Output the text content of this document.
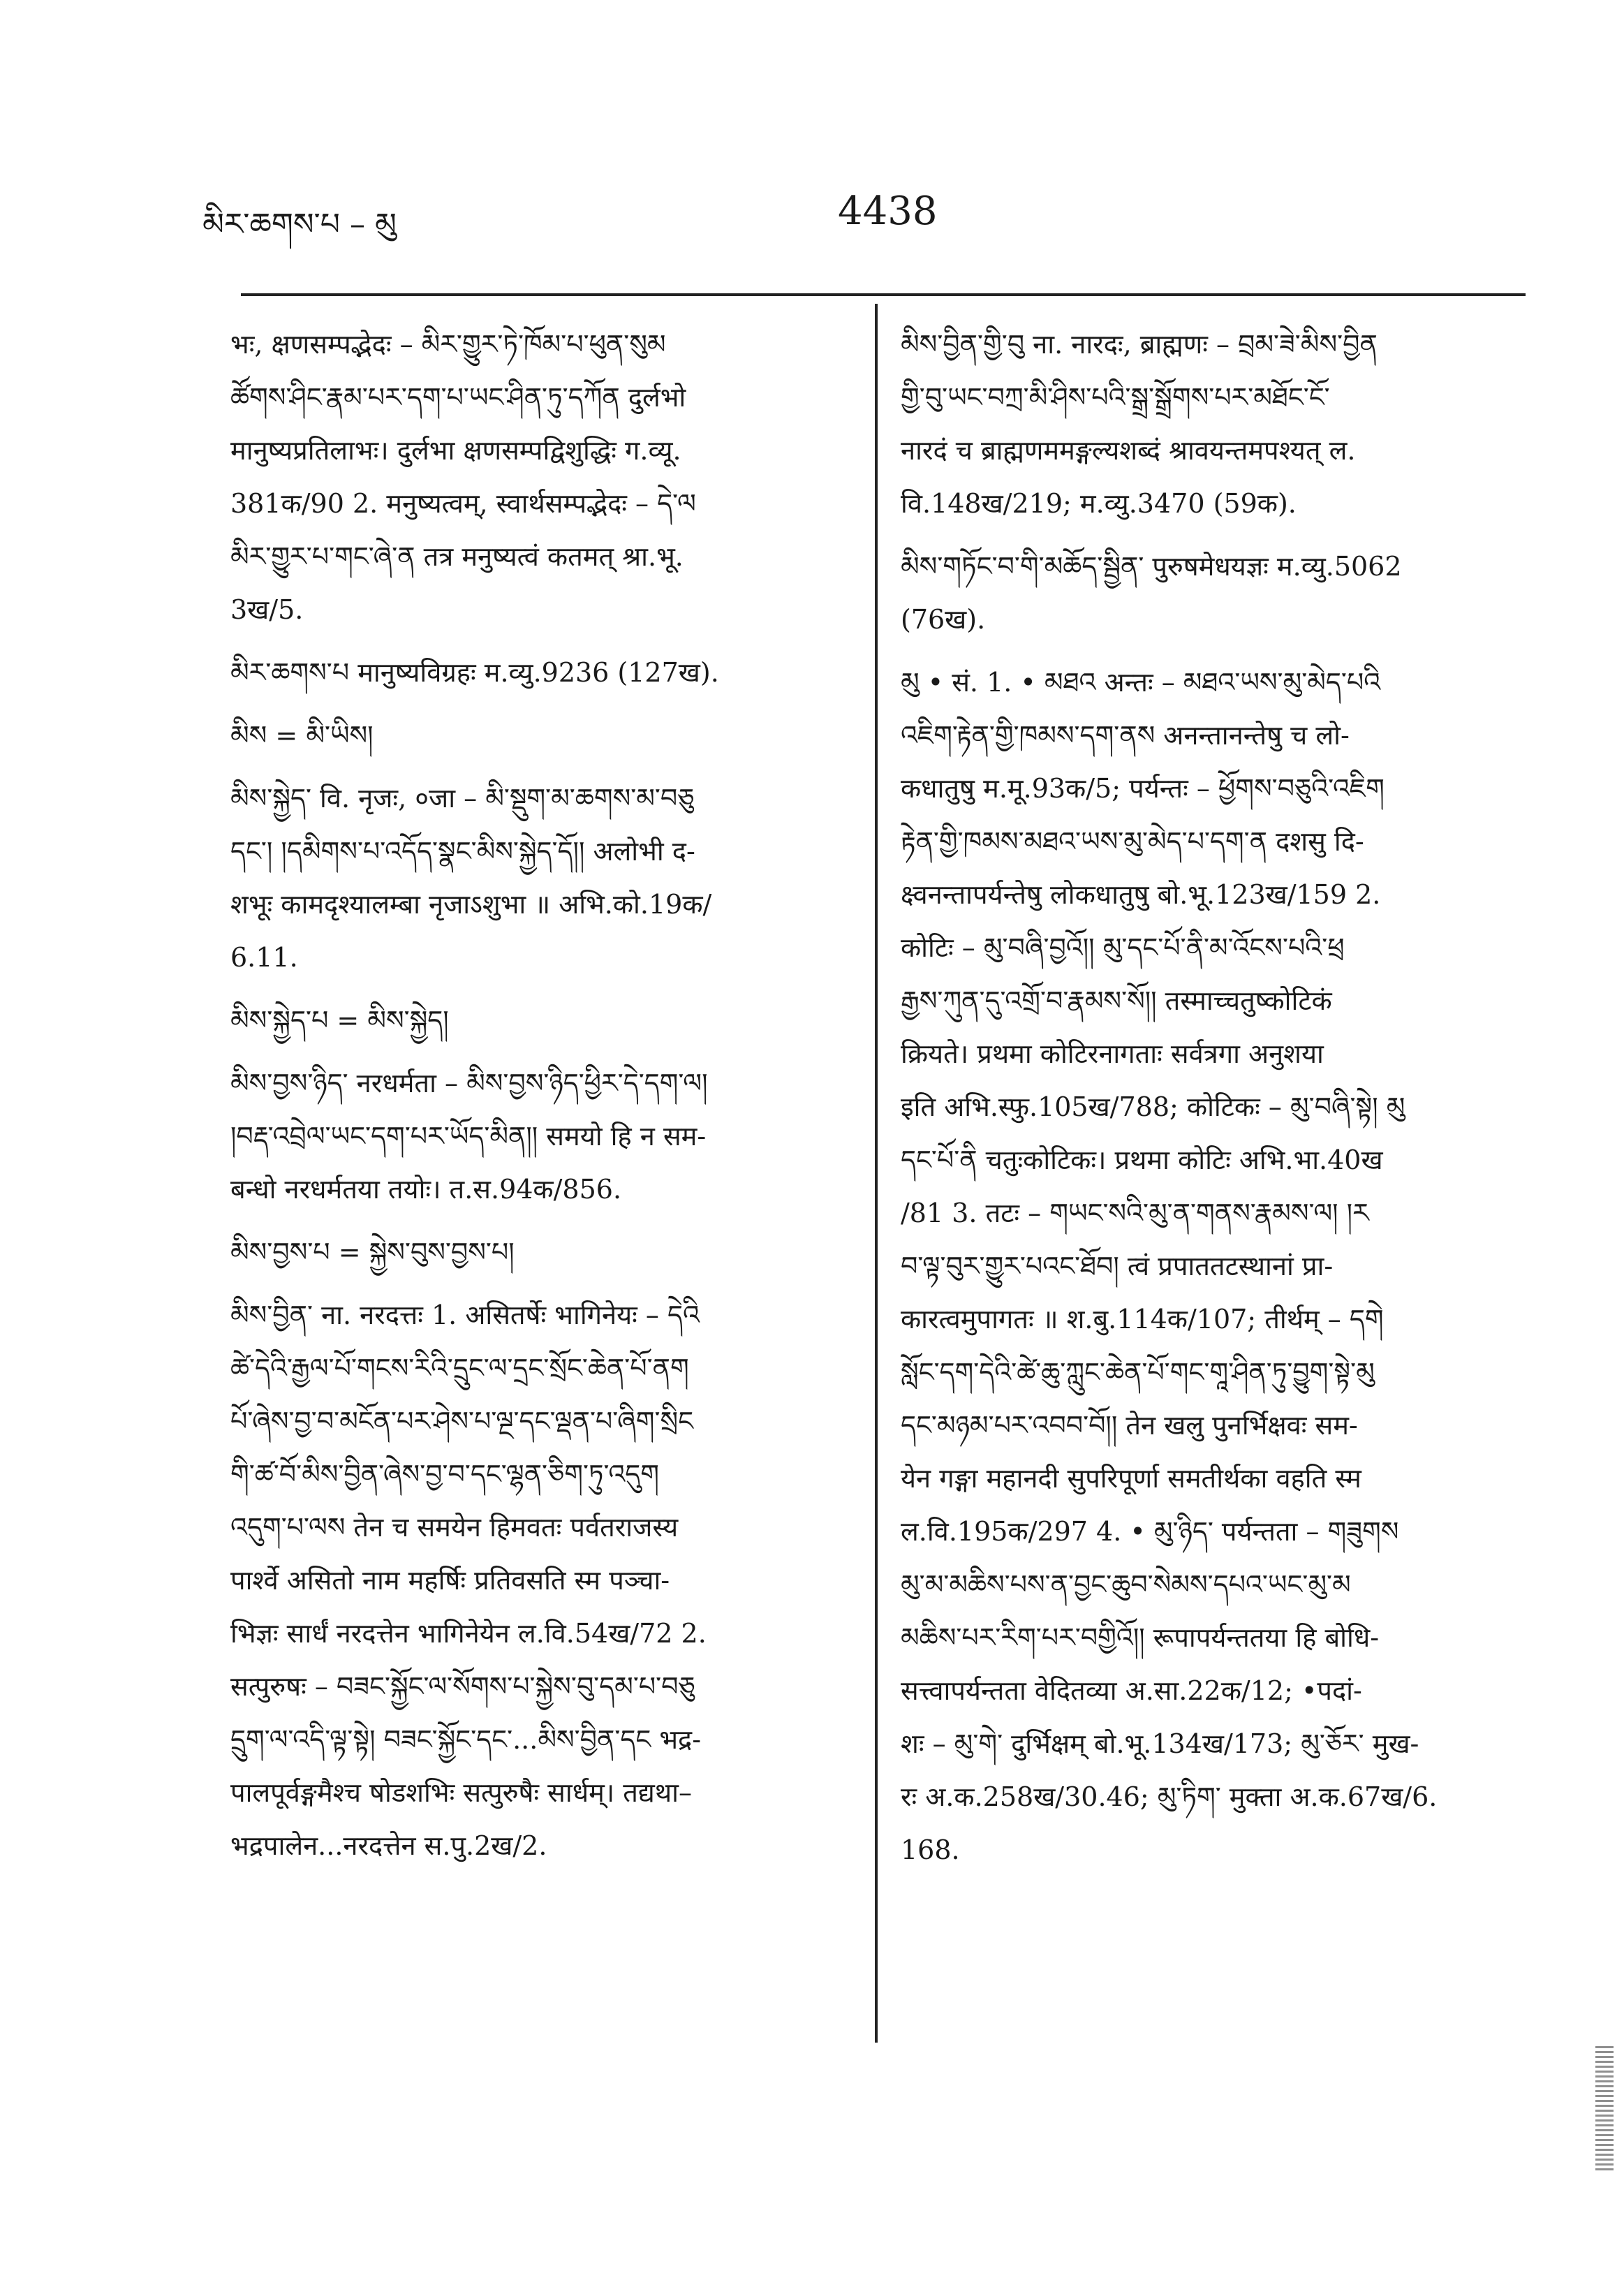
མིར་ཆགས་པ – མུ	4438
भः, क्षणसम्पद्भेदः – མིར་གྱུར་ཏེ་ཁོམ་པ་ཕུན་སུམ
ཚོགས་ཤིང་རྣམ་པར་དག་པ་ཡང་ཤིན་ཏུ་དཀོན दुर्लभो
मानुष्यप्रतिलाभः। दुर्लभा क्षणसम्पद्विशुद्धिः ग.व्यू.
381क/90 2. मनुष्यत्वम्, स्वार्थसम्पद्भेदः – དེ་ལ
མིར་གྱུར་པ་གང་ཞེ་ན तत्र मनुष्यत्वं कतमत् श्रा.भू.
3ख/5.
མིར་ཆགས་པ मानुष्यविग्रहः म.व्यु.9236 (127ख).
མིས = མི་ཡིས།
མིས་སྐྱེད་ वि. नृजः, ०जा – མི་སྡུག་མ་ཆགས་མ་བཅུ
དང་། །དམིགས་པ་འདོད་སྣང་མིས་སྐྱེད་དོ།། अलोभी द-
शभूः कामदृश्यालम्बा नृजाऽशुभा ॥ अभि.को.19क/
6.11.
མིས་སྐྱེད་པ = མིས་སྐྱེད།
མིས་བྱས་ཉིད་ नरधर्मता – མིས་བྱས་ཉིད་ཕྱིར་དེ་དག་ལ།
།བརྡ་འབྲེལ་ཡང་དག་པར་ཡོད་མིན།། समयो हि न सम-
बन्धो नरधर्मतया तयोः। त.स.94क/856.
མིས་བྱས་པ = སྐྱེས་བུས་བྱས་པ།
མིས་བྱིན་ ना. नरदत्तः 1. असितर्षेः भागिनेयः – དེའི
ཚེ་དེའི་རྒྱལ་པོ་གངས་རིའི་དྲུང་ལ་དྲང་སྲོང་ཆེན་པོ་ནག
པོ་ཞེས་བྱ་བ་མངོན་པར་ཤེས་པ་ལྔ་དང་ལྡན་པ་ཞིག་སྲིང
གི་ཚ་བོ་མིས་བྱིན་ཞེས་བྱ་བ་དང་ལྷན་ཅིག་ཏུ་འདུག
འདུག་པ་ལས तेन च समयेन हिमवतः पर्वतराजस्य
पार्श्वे असितो नाम महर्षिः प्रतिवसति स्म पञ्चा-
भिज्ञः सार्धं नरदत्तेन भागिनेयेन ल.वि.54ख/72 2.
सत्पुरुषः – བཟང་སྐྱོང་ལ་སོགས་པ་སྐྱེས་བུ་དམ་པ་བཅུ
དྲུག་ལ་འདི་ལྟ་སྟེ། བཟང་སྐྱོང་དང་...མིས་བྱིན་དང भद्र-
पालपूर्वङ्गमैश्च षोडशभिः सत्पुरुषैः सार्धम्। तद्यथा–
भद्रपालेन...नरदत्तेन स.पु.2ख/2.
མིས་བྱིན་གྱི་བུ ना. नारदः, ब्राह्मणः – བྲམ་ཟེ་མིས་བྱིན
གྱི་བུ་ཡང་བཀྲ་མི་ཤིས་པའི་སྒྲ་སྒྲོགས་པར་མཐོང་ངོ་
नारदं च ब्राह्मणममङ्गल्यशब्दं श्रावयन्तमपश्यत् ल.
वि.148ख/219; म.व्यु.3470 (59क).
མིས་གཏོང་བ་གི་མཆོད་སྦྱིན་ पुरुषमेधयज्ञः म.व्यु.5062
(76ख).
མུ • सं. 1. • མཐའ अन्तः – མཐའ་ཡས་མུ་མེད་པའི
འཇིག་རྟེན་གྱི་ཁམས་དག་ནས अनन्तानन्तेषु च लो-
कधातुषु म.मू.93क/5; पर्यन्तः – ཕྱོགས་བཅུའི་འཇིག
རྟེན་གྱི་ཁམས་མཐའ་ཡས་མུ་མེད་པ་དག་ན दशसु दि-
क्ष्वनन्तापर्यन्तेषु लोकधातुषु बो.भू.123ख/159 2.
कोटिः – མུ་བཞི་བྱའོ།། མུ་དང་པོ་ནི་མ་འོངས་པའི་ཕྲ
རྒྱས་ཀུན་དུ་འགྲོ་བ་རྣམས་སོ།། तस्माच्चतुष्कोटिकं
क्रियते। प्रथमा कोटिरनागताः सर्वत्रगा अनुशया
इति अभि.स्फु.105ख/788; कोटिकः – མུ་བཞི་སྟེ། མུ
དང་པོ་ནི चतुःकोटिकः। प्रथमा कोटिः अभि.भा.40ख
/81 3. तटः – གཡང་སའི་མུ་ན་གནས་རྣམས་ལ། །ར
བ་ལྟ་བུར་གྱུར་པའང་ཐོབ། त्वं प्रपाततटस्थानां प्रा-
कारत्वमुपागतः ॥ श.बु.114क/107; तीर्थम् – དགེ
སློང་དག་དེའི་ཚེ་ཆུ་ཀླུང་ཆེན་པོ་གང་གཱ་ཤིན་ཏུ་བྱུག་སྟེ་མུ
དང་མཉམ་པར་འབབ་བོ།། तेन खलु पुनर्भिक्षवः सम-
येन गङ्गा महानदी सुपरिपूर्णा समतीर्थका वहति स्म
ल.वि.195क/297 4. • མུ་ཉིད་ पर्यन्तता – གཟུགས
མུ་མ་མཆིས་པས་ན་བྱང་ཆུབ་སེམས་དཔའ་ཡང་མུ་མ
མཆིས་པར་རིག་པར་བགྱིའོ།། रूपापर्यन्ततया हि बोधि-
सत्त्वापर्यन्तता वेदितव्या अ.सा.22क/12; •पदां-
शः – མུ་གེ་ दुर्भिक्षम् बो.भू.134ख/173; མུ་ཅོར་ मुख-
रः अ.क.258ख/30.46; མུ་ཏིག་ मुक्ता अ.क.67ख/6.
168.
